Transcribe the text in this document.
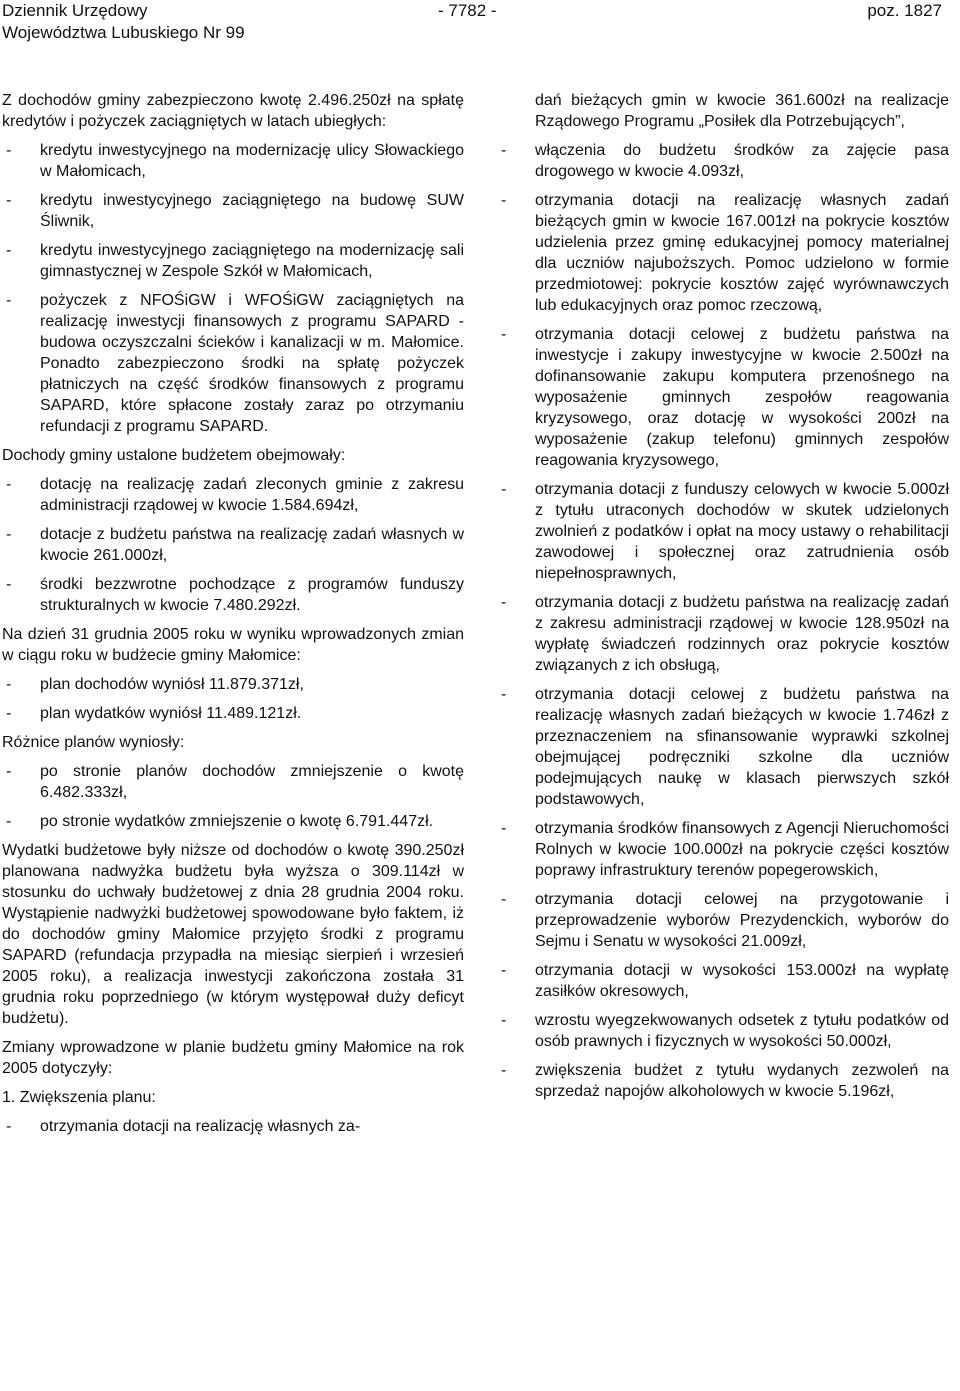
Dziennik Urzędowy
Województwa Lubuskiego Nr 99
- 7782 -	poz. 1827

Z dochodów gminy zabezpieczono kwotę 2.496.250zł na spłatę kredytów i pożyczek zaciągniętych w latach ubiegłych:

- kredytu inwestycyjnego na modernizację ulicy Słowackiego w Małomicach,
- kredytu inwestycyjnego zaciągniętego na budowę SUW Śliwnik,
- kredytu inwestycyjnego zaciągniętego na modernizację sali gimnastycznej w Zespole Szkół w Małomicach,
- pożyczek z NFOŚiGW i WFOŚiGW zaciągniętych na realizację inwestycji finansowych z programu SAPARD - budowa oczyszczalni ścieków i kanalizacji w m. Małomice. Ponadto zabezpieczono środki na spłatę pożyczek płatniczych na część środków finansowych z programu SAPARD, które spłacone zostały zaraz po otrzymaniu refundacji z programu SAPARD.

Dochody gminy ustalone budżetem obejmowały:

- dotację na realizację zadań zleconych gminie z zakresu administracji rządowej w kwocie 1.584.694zł,
- dotacje z budżetu państwa na realizację zadań własnych w kwocie 261.000zł,
- środki bezzwrotne pochodzące z programów funduszy strukturalnych w kwocie 7.480.292zł.

Na dzień 31 grudnia 2005 roku w wyniku wprowadzonych zmian w ciągu roku w budżecie gminy Małomice:

- plan dochodów wyniósł 11.879.371zł,
- plan wydatków wyniósł 11.489.121zł.

Różnice planów wyniosły:

- po stronie planów dochodów zmniejszenie o kwotę 6.482.333zł,
- po stronie wydatków zmniejszenie o kwotę 6.791.447zł.

Wydatki budżetowe były niższe od dochodów o kwotę 390.250zł planowana nadwyżka budżetu była wyższa o 309.114zł w stosunku do uchwały budżetowej z dnia 28 grudnia 2004 roku. Wystąpienie nadwyżki budżetowej spowodowane było faktem, iż do dochodów gminy Małomice przyjęto środki z programu SAPARD (refundacja przypadła na miesiąc sierpień i wrzesień 2005 roku), a realizacja inwestycji zakończona została 31 grudnia roku poprzedniego (w którym występował duży deficyt budżetu).

Zmiany wprowadzone w planie budżetu gminy Małomice na rok 2005 dotyczyły:

1. Zwiększenia planu:

- otrzymania dotacji na realizację własnych za-
dań bieżących gmin w kwocie 361.600zł na realizacje Rządowego Programu „Posiłek dla Potrzebujących”,
- włączenia do budżetu środków za zajęcie pasa drogowego w kwocie 4.093zł,
- otrzymania dotacji na realizację własnych zadań bieżących gmin w kwocie 167.001zł na pokrycie kosztów udzielenia przez gminę edukacyjnej pomocy materialnej dla uczniów najuboższych. Pomoc udzielono w formie przedmiotowej: pokrycie kosztów zajęć wyrównawczych lub edukacyjnych oraz pomoc rzeczową,
- otrzymania dotacji celowej z budżetu państwa na inwestycje i zakupy inwestycyjne w kwocie 2.500zł na dofinansowanie zakupu komputera przenośnego na wyposażenie gminnych zespołów reagowania kryzysowego, oraz dotację w wysokości 200zł na wyposażenie (zakup telefonu) gminnych zespołów reagowania kryzysowego,
- otrzymania dotacji z funduszy celowych w kwocie 5.000zł z tytułu utraconych dochodów w skutek udzielonych zwolnień z podatków i opłat na mocy ustawy o rehabilitacji zawodowej i społecznej oraz zatrudnienia osób niepełnosprawnych,
- otrzymania dotacji z budżetu państwa na realizację zadań z zakresu administracji rządowej w kwocie 128.950zł na wypłatę świadczeń rodzinnych oraz pokrycie kosztów związanych z ich obsługą,
- otrzymania dotacji celowej z budżetu państwa na realizację własnych zadań bieżących w kwocie 1.746zł z przeznaczeniem na sfinansowanie wyprawki szkolnej obejmującej podręczniki szkolne dla uczniów podejmujących naukę w klasach pierwszych szkół podstawowych,
- otrzymania środków finansowych z Agencji Nieruchomości Rolnych w kwocie 100.000zł na pokrycie części kosztów poprawy infrastruktury terenów popegerowskich,
- otrzymania dotacji celowej na przygotowanie i przeprowadzenie wyborów Prezydenckich, wyborów do Sejmu i Senatu w wysokości 21.009zł,
- otrzymania dotacji w wysokości 153.000zł na wypłatę zasiłków okresowych,
- wzrostu wyegzekwowanych odsetek z tytułu podatków od osób prawnych i fizycznych w wysokości 50.000zł,
- zwiększenia budżet z tytułu wydanych zezwoleń na sprzedaż napojów alkoholowych w kwocie 5.196zł,
